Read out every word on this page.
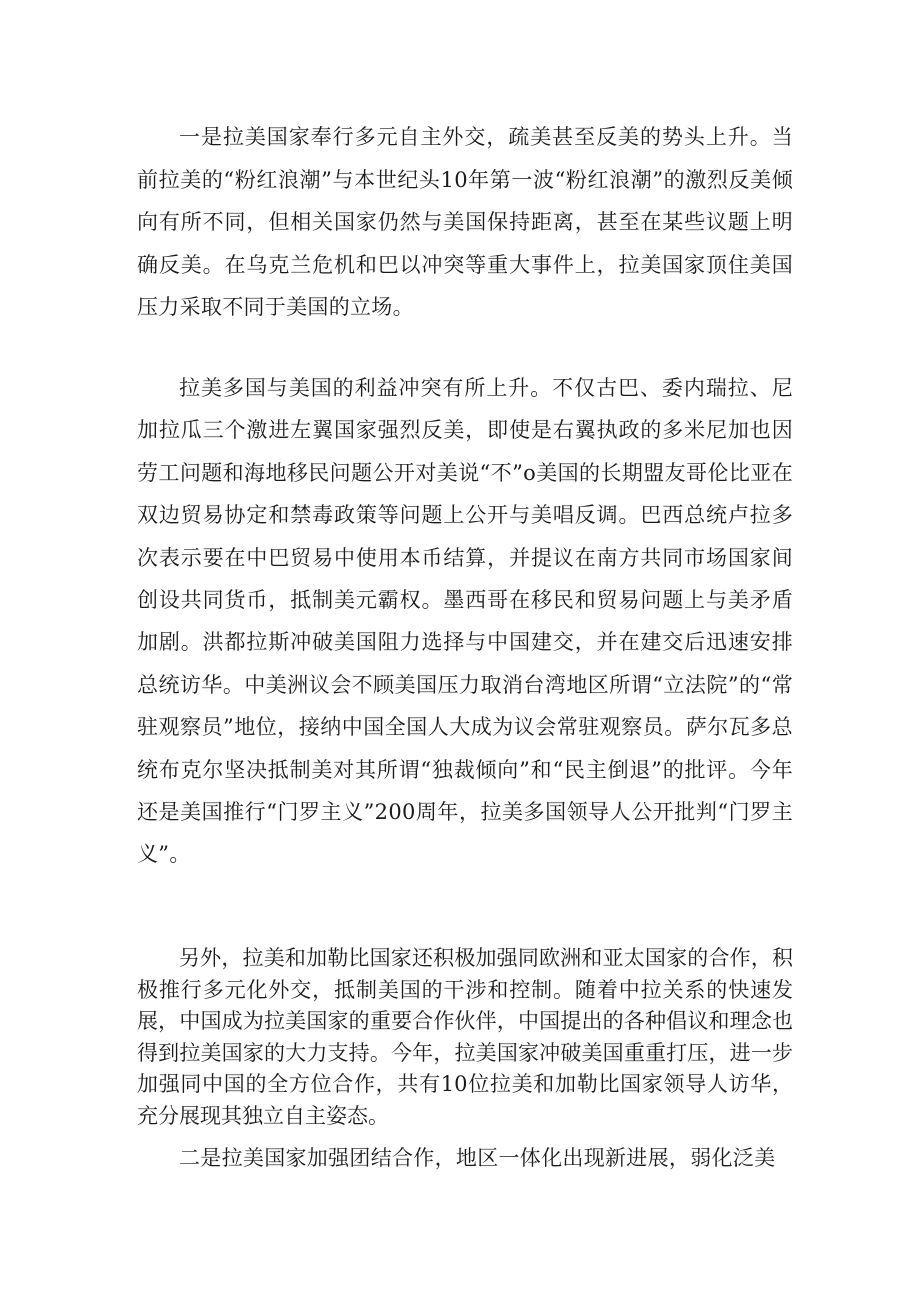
一是拉美国家奉行多元自主外交，疏美甚至反美的势头上升。当前拉美的“粉红浪潮”与本世纪头10年第一波“粉红浪潮”的激烈反美倾向有所不同，但相关国家仍然与美国保持距离，甚至在某些议题上明确反美。在乌克兰危机和巴以冲突等重大事件上，拉美国家顶住美国压力采取不同于美国的立场。

拉美多国与美国的利益冲突有所上升。不仅古巴、委内瑞拉、尼加拉瓜三个激进左翼国家强烈反美，即使是右翼执政的多米尼加也因劳工问题和海地移民问题公开对美说“不”o美国的长期盟友哥伦比亚在双边贸易协定和禁毒政策等问题上公开与美唱反调。巴西总统卢拉多次表示要在中巴贸易中使用本币结算，并提议在南方共同市场国家间创设共同货币，抵制美元霸权。墨西哥在移民和贸易问题上与美矛盾加剧。洪都拉斯冲破美国阻力选择与中国建交，并在建交后迅速安排总统访华。中美洲议会不顾美国压力取消台湾地区所谓“立法院”的“常驻观察员”地位，接纳中国全国人大成为议会常驻观察员。萨尔瓦多总统布克尔坚决抵制美对其所谓“独裁倾向”和“民主倒退”的批评。今年还是美国推行“门罗主义”200周年，拉美多国领导人公开批判“门罗主义”。

另外，拉美和加勒比国家还积极加强同欧洲和亚太国家的合作，积极推行多元化外交，抵制美国的干涉和控制。随着中拉关系的快速发展，中国成为拉美国家的重要合作伙伴，中国提出的各种倡议和理念也得到拉美国家的大力支持。今年，拉美国家冲破美国重重打压，进一步加强同中国的全方位合作，共有10位拉美和加勒比国家领导人访华，充分展现其独立自主姿态。

二是拉美国家加强团结合作，地区一体化出现新进展，弱化泛美
